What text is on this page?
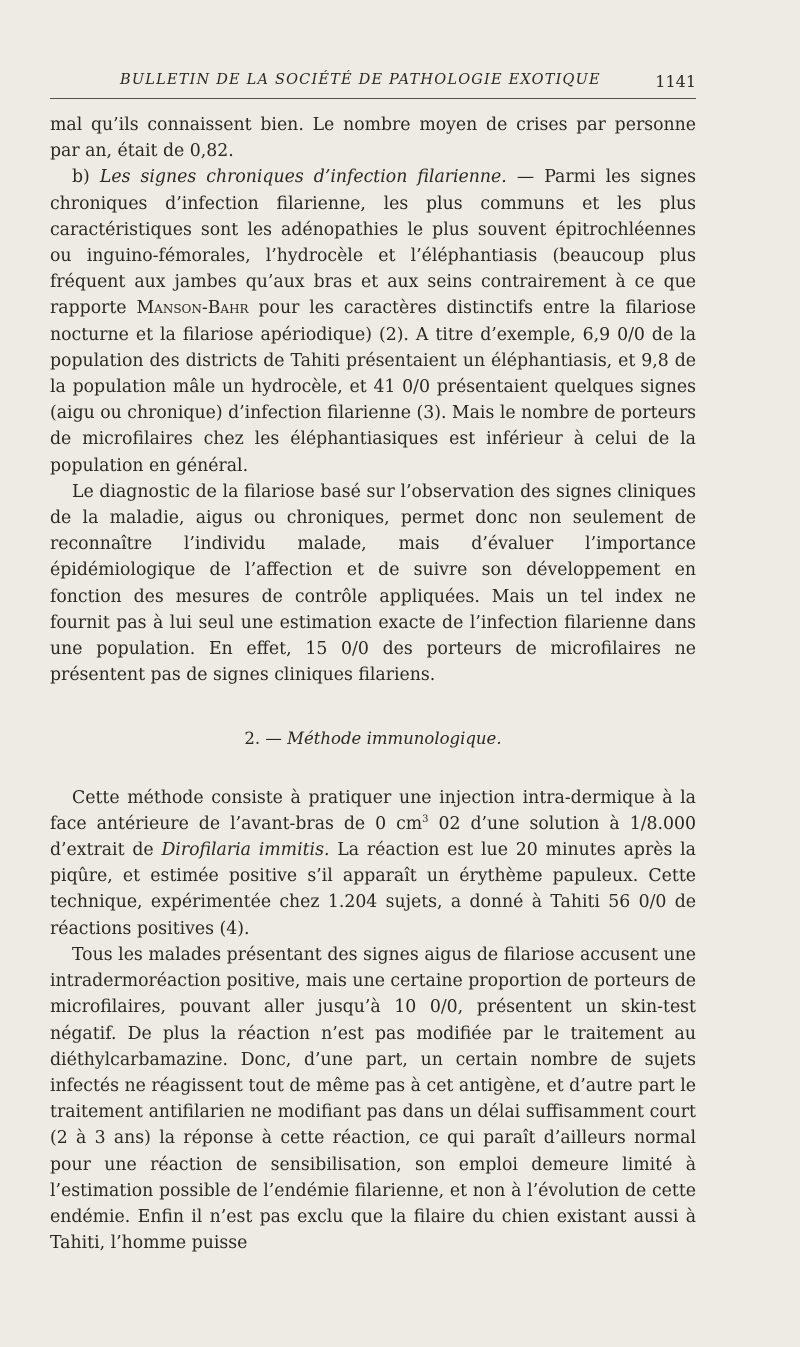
BULLETIN DE LA SOCIÉTÉ DE PATHOLOGIE EXOTIQUE	1141

mal qu’ils connaissent bien. Le nombre moyen de crises par personne par an, était de 0,82.

b) Les signes chroniques d’infection filarienne. — Parmi les signes chroniques d’infection filarienne, les plus communs et les plus caractéristiques sont les adénopathies le plus souvent épitrochléennes ou inguino-fémorales, l’hydrocèle et l’éléphantiasis (beaucoup plus fréquent aux jambes qu’aux bras et aux seins contrairement à ce que rapporte Manson-Bahr pour les caractères distinctifs entre la filariose nocturne et la filariose apériodique) (2). A titre d’exemple, 6,9 0/0 de la population des districts de Tahiti présentaient un éléphantiasis, et 9,8 de la population mâle un hydrocèle, et 41 0/0 présentaient quelques signes (aigu ou chronique) d’infection filarienne (3). Mais le nombre de porteurs de microfilaires chez les éléphantiasiques est inférieur à celui de la population en général.

Le diagnostic de la filariose basé sur l’observation des signes cliniques de la maladie, aigus ou chroniques, permet donc non seulement de reconnaître l’individu malade, mais d’évaluer l’importance épidémiologique de l’affection et de suivre son développement en fonction des mesures de contrôle appliquées. Mais un tel index ne fournit pas à lui seul une estimation exacte de l’infection filarienne dans une population. En effet, 15 0/0 des porteurs de microfilaires ne présentent pas de signes cliniques filariens.

2. — Méthode immunologique.

Cette méthode consiste à pratiquer une injection intra-dermique à la face antérieure de l’avant-bras de 0 $cm^3$ 02 d’une solution à 1/8.000 d’extrait de Dirofilaria immitis. La réaction est lue 20 minutes après la piqûre, et estimée positive s’il apparaît un érythème papuleux. Cette technique, expérimentée chez 1.204 sujets, a donné à Tahiti 56 0/0 de réactions positives (4).

Tous les malades présentant des signes aigus de filariose accusent une intradermoréaction positive, mais une certaine proportion de porteurs de microfilaires, pouvant aller jusqu’à 10 0/0, présentent un skin-test négatif. De plus la réaction n’est pas modifiée par le traitement au diéthylcarbamazine. Donc, d’une part, un certain nombre de sujets infectés ne réagissent tout de même pas à cet antigène, et d’autre part le traitement antifilarien ne modifiant pas dans un délai suffisamment court (2 à 3 ans) la réponse à cette réaction, ce qui paraît d’ailleurs normal pour une réaction de sensibilisation, son emploi demeure limité à l’estimation possible de l’endémie filarienne, et non à l’évolution de cette endémie. Enfin il n’est pas exclu que la filaire du chien existant aussi à Tahiti, l’homme puisse
